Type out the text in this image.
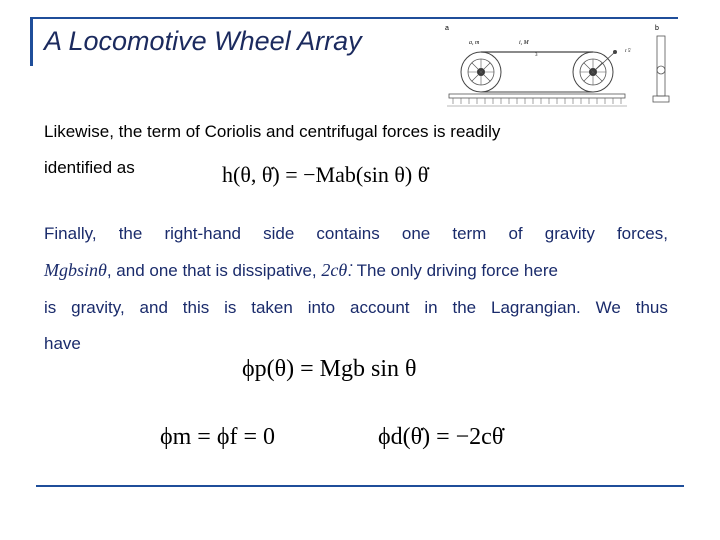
A Locomotive Wheel Array	a	b
a, m	i, M
3
r 5'
Likewise, the term of Coriolis and centrifugal forces is readily
identified as	h(θ, θ̇) = −Mab(sin θ) θ̇
Finally, the right-hand side contains one term of gravity forces,
Mgbsinθ, and one that is dissipative, 2cθ̇. The only driving force here
is gravity, and this is taken into account in the Lagrangian. We thus
have
ϕp(θ) = Mgb sin θ
ϕm = ϕf = 0	ϕd(θ̇) = −2cθ̇
